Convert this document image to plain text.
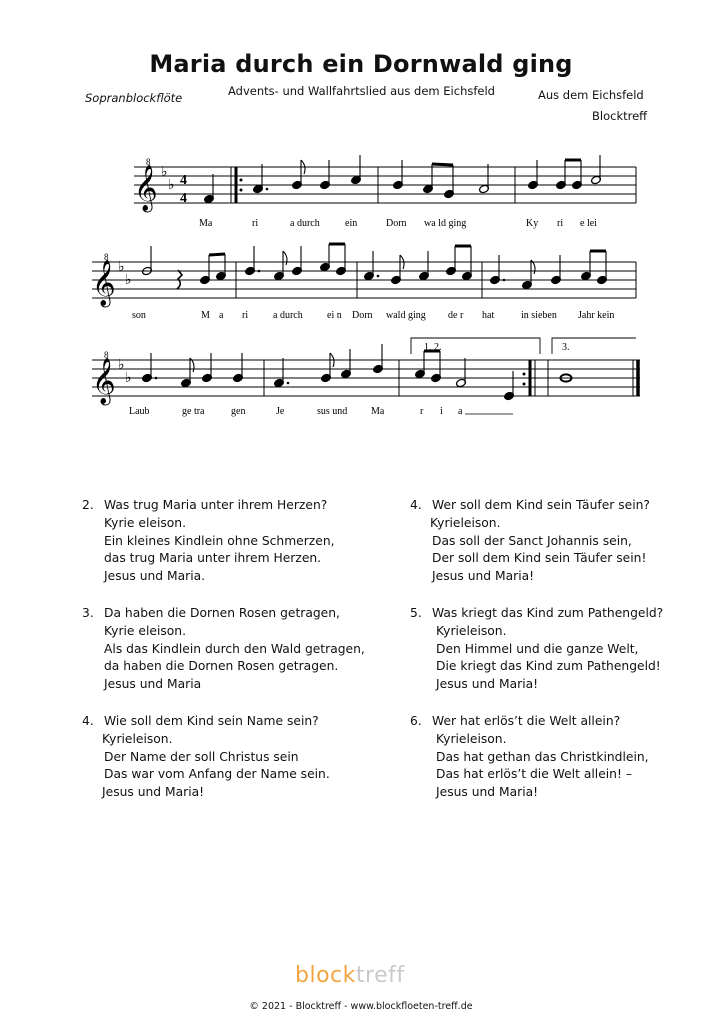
Maria durch ein Dornwald ging
Sopranblockflöte	Advents- und Wallfahrtslied aus dem Eichsfeld	Aus dem Eichsfeld
Blocktreff
𝄞
8
♭
♭ 4
4
Ma	ri	a durch	ein	Dorn wa ld ging	Ky ri e lei
𝄞
8
♭
♭
son	M a ri a durch ei n Dorn wald ging de r hat	in sieben Jahr kein
1, 2.	3.
𝄞
8
♭
♭
Laub	ge tra	gen	Je	sus und Ma	r i a
2. Was trug Maria unter ihrem Herzen?
Kyrie eleison.
Ein kleines Kindlein ohne Schmerzen,
das trug Maria unter ihrem Herzen.
Jesus und Maria.
3. Da haben die Dornen Rosen getragen,
Kyrie eleison.
Als das Kindlein durch den Wald getragen,
da haben die Dornen Rosen getragen.
Jesus und Maria
4. Wie soll dem Kind sein Name sein?
Kyrieleison.
Der Name der soll Christus sein
Das war vom Anfang der Name sein.
Jesus und Maria!
4. Wer soll dem Kind sein Täufer sein?
Kyrieleison.
Das soll der Sanct Johannis sein,
Der soll dem Kind sein Täufer sein!
Jesus und Maria!
5. Was kriegt das Kind zum Pathengeld?
Kyrieleison.
Den Himmel und die ganze Welt,
Die kriegt das Kind zum Pathengeld!
Jesus und Maria!
6. Wer hat erlös’t die Welt allein?
Kyrieleison.
Das hat gethan das Christkindlein,
Das hat erlös’t die Welt allein! –
Jesus und Maria!
blocktreff
© 2021 - Blocktreff - www.blockfloeten-treff.de
